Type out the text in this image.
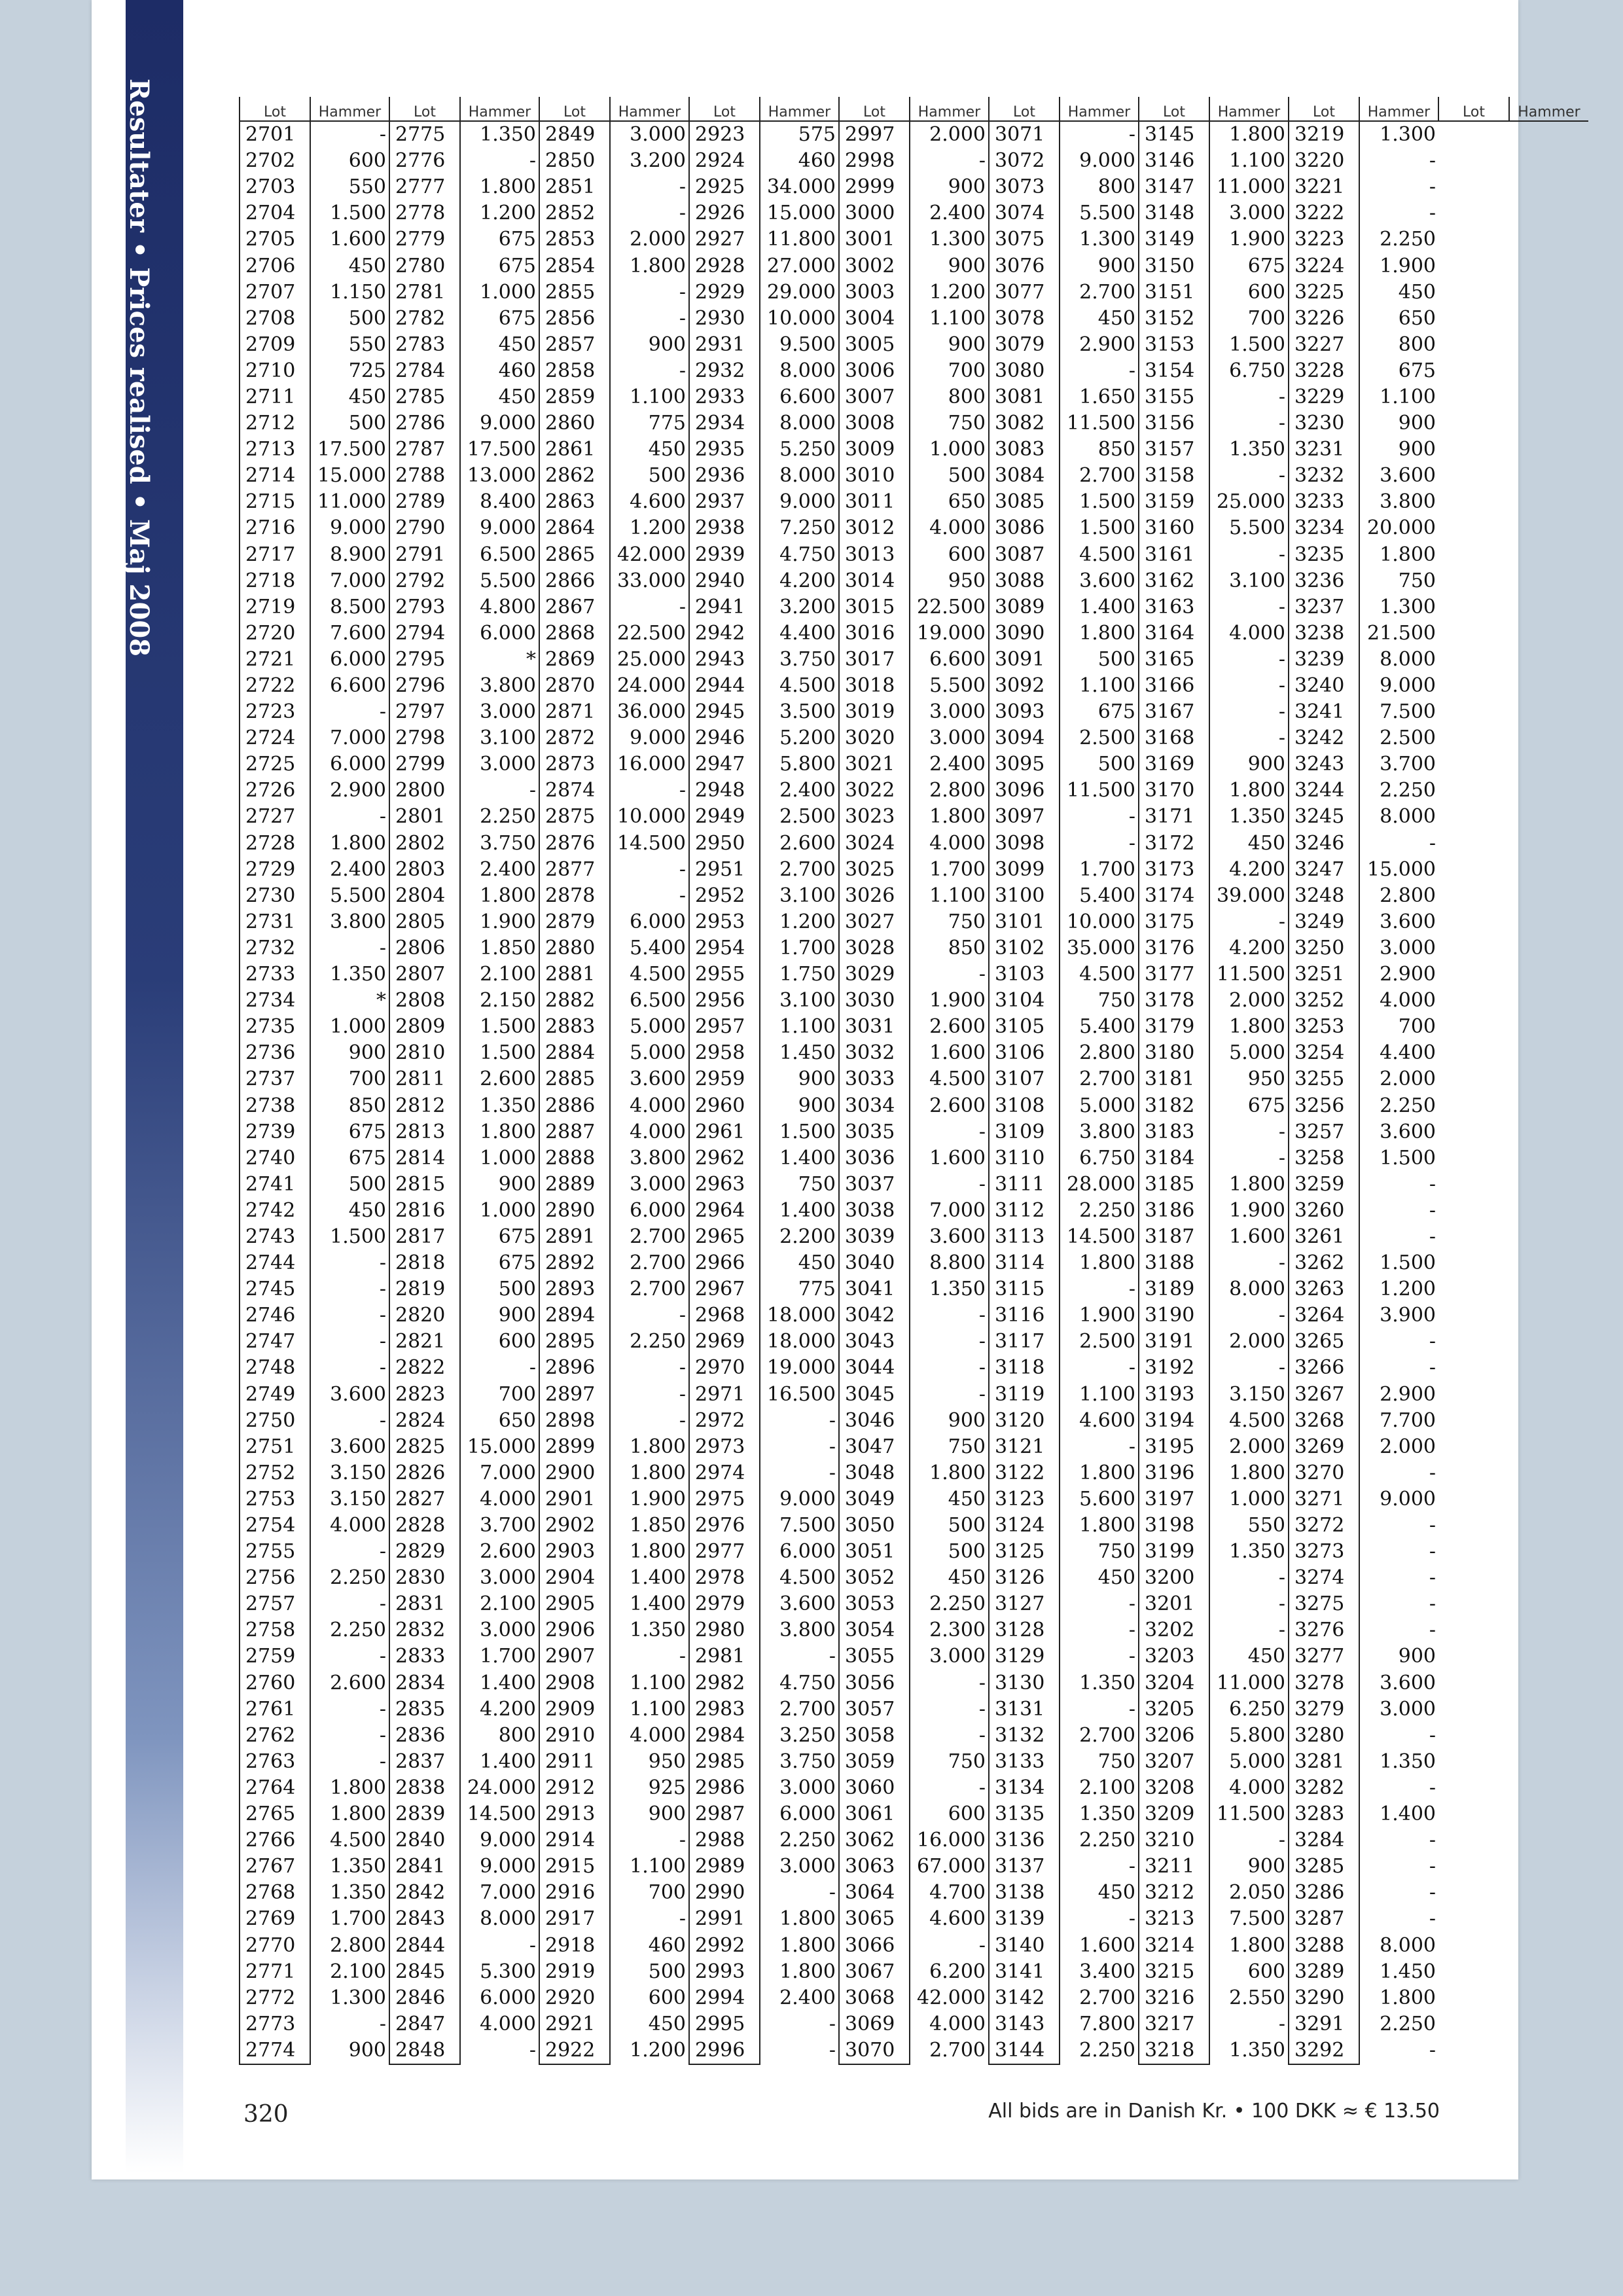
Resultater • Prices realised • Maj 2008	Lot	Hammer	Lot	Hammer	Lot	Hammer	Lot	Hammer	Lot	Hammer	Lot	Hammer	Lot	Hammer	Lot	Hammer	Lot	Hammer
2701	-	2775	1.350	2849	3.000	2923	575	2997	2.000	3071	-	3145	1.800	3219	1.300		
2702	600	2776	-	2850	3.200	2924	460	2998	-	3072	9.000	3146	1.100	3220	-		
2703	550	2777	1.800	2851	-	2925	34.000	2999	900	3073	800	3147	11.000	3221	-		
2704	1.500	2778	1.200	2852	-	2926	15.000	3000	2.400	3074	5.500	3148	3.000	3222	-		
2705	1.600	2779	675	2853	2.000	2927	11.800	3001	1.300	3075	1.300	3149	1.900	3223	2.250		
2706	450	2780	675	2854	1.800	2928	27.000	3002	900	3076	900	3150	675	3224	1.900		
2707	1.150	2781	1.000	2855	-	2929	29.000	3003	1.200	3077	2.700	3151	600	3225	450		
2708	500	2782	675	2856	-	2930	10.000	3004	1.100	3078	450	3152	700	3226	650		
2709	550	2783	450	2857	900	2931	9.500	3005	900	3079	2.900	3153	1.500	3227	800		
2710	725	2784	460	2858	-	2932	8.000	3006	700	3080	-	3154	6.750	3228	675		
2711	450	2785	450	2859	1.100	2933	6.600	3007	800	3081	1.650	3155	-	3229	1.100		
2712	500	2786	9.000	2860	775	2934	8.000	3008	750	3082	11.500	3156	-	3230	900		
2713	17.500	2787	17.500	2861	450	2935	5.250	3009	1.000	3083	850	3157	1.350	3231	900		
2714	15.000	2788	13.000	2862	500	2936	8.000	3010	500	3084	2.700	3158	-	3232	3.600		
2715	11.000	2789	8.400	2863	4.600	2937	9.000	3011	650	3085	1.500	3159	25.000	3233	3.800		
2716	9.000	2790	9.000	2864	1.200	2938	7.250	3012	4.000	3086	1.500	3160	5.500	3234	20.000		
2717	8.900	2791	6.500	2865	42.000	2939	4.750	3013	600	3087	4.500	3161	-	3235	1.800		
2718	7.000	2792	5.500	2866	33.000	2940	4.200	3014	950	3088	3.600	3162	3.100	3236	750		
2719	8.500	2793	4.800	2867	-	2941	3.200	3015	22.500	3089	1.400	3163	-	3237	1.300		
2720	7.600	2794	6.000	2868	22.500	2942	4.400	3016	19.000	3090	1.800	3164	4.000	3238	21.500		
2721	6.000	2795	*	2869	25.000	2943	3.750	3017	6.600	3091	500	3165	-	3239	8.000		
2722	6.600	2796	3.800	2870	24.000	2944	4.500	3018	5.500	3092	1.100	3166	-	3240	9.000		
2723	-	2797	3.000	2871	36.000	2945	3.500	3019	3.000	3093	675	3167	-	3241	7.500		
2724	7.000	2798	3.100	2872	9.000	2946	5.200	3020	3.000	3094	2.500	3168	-	3242	2.500		
2725	6.000	2799	3.000	2873	16.000	2947	5.800	3021	2.400	3095	500	3169	900	3243	3.700		
2726	2.900	2800	-	2874	-	2948	2.400	3022	2.800	3096	11.500	3170	1.800	3244	2.250		
2727	-	2801	2.250	2875	10.000	2949	2.500	3023	1.800	3097	-	3171	1.350	3245	8.000		
2728	1.800	2802	3.750	2876	14.500	2950	2.600	3024	4.000	3098	-	3172	450	3246	-		
2729	2.400	2803	2.400	2877	-	2951	2.700	3025	1.700	3099	1.700	3173	4.200	3247	15.000		
2730	5.500	2804	1.800	2878	-	2952	3.100	3026	1.100	3100	5.400	3174	39.000	3248	2.800		
2731	3.800	2805	1.900	2879	6.000	2953	1.200	3027	750	3101	10.000	3175	-	3249	3.600		
2732	-	2806	1.850	2880	5.400	2954	1.700	3028	850	3102	35.000	3176	4.200	3250	3.000		
2733	1.350	2807	2.100	2881	4.500	2955	1.750	3029	-	3103	4.500	3177	11.500	3251	2.900		
2734	*	2808	2.150	2882	6.500	2956	3.100	3030	1.900	3104	750	3178	2.000	3252	4.000		
2735	1.000	2809	1.500	2883	5.000	2957	1.100	3031	2.600	3105	5.400	3179	1.800	3253	700		
2736	900	2810	1.500	2884	5.000	2958	1.450	3032	1.600	3106	2.800	3180	5.000	3254	4.400		
2737	700	2811	2.600	2885	3.600	2959	900	3033	4.500	3107	2.700	3181	950	3255	2.000		
2738	850	2812	1.350	2886	4.000	2960	900	3034	2.600	3108	5.000	3182	675	3256	2.250		
2739	675	2813	1.800	2887	4.000	2961	1.500	3035	-	3109	3.800	3183	-	3257	3.600		
2740	675	2814	1.000	2888	3.800	2962	1.400	3036	1.600	3110	6.750	3184	-	3258	1.500		
2741	500	2815	900	2889	3.000	2963	750	3037	-	3111	28.000	3185	1.800	3259	-		
2742	450	2816	1.000	2890	6.000	2964	1.400	3038	7.000	3112	2.250	3186	1.900	3260	-		
2743	1.500	2817	675	2891	2.700	2965	2.200	3039	3.600	3113	14.500	3187	1.600	3261	-		
2744	-	2818	675	2892	2.700	2966	450	3040	8.800	3114	1.800	3188	-	3262	1.500		
2745	-	2819	500	2893	2.700	2967	775	3041	1.350	3115	-	3189	8.000	3263	1.200		
2746	-	2820	900	2894	-	2968	18.000	3042	-	3116	1.900	3190	-	3264	3.900		
2747	-	2821	600	2895	2.250	2969	18.000	3043	-	3117	2.500	3191	2.000	3265	-		
2748	-	2822	-	2896	-	2970	19.000	3044	-	3118	-	3192	-	3266	-		
2749	3.600	2823	700	2897	-	2971	16.500	3045	-	3119	1.100	3193	3.150	3267	2.900		
2750	-	2824	650	2898	-	2972	-	3046	900	3120	4.600	3194	4.500	3268	7.700		
2751	3.600	2825	15.000	2899	1.800	2973	-	3047	750	3121	-	3195	2.000	3269	2.000		
2752	3.150	2826	7.000	2900	1.800	2974	-	3048	1.800	3122	1.800	3196	1.800	3270	-		
2753	3.150	2827	4.000	2901	1.900	2975	9.000	3049	450	3123	5.600	3197	1.000	3271	9.000		
2754	4.000	2828	3.700	2902	1.850	2976	7.500	3050	500	3124	1.800	3198	550	3272	-		
2755	-	2829	2.600	2903	1.800	2977	6.000	3051	500	3125	750	3199	1.350	3273	-		
2756	2.250	2830	3.000	2904	1.400	2978	4.500	3052	450	3126	450	3200	-	3274	-		
2757	-	2831	2.100	2905	1.400	2979	3.600	3053	2.250	3127	-	3201	-	3275	-		
2758	2.250	2832	3.000	2906	1.350	2980	3.800	3054	2.300	3128	-	3202	-	3276	-		
2759	-	2833	1.700	2907	-	2981	-	3055	3.000	3129	-	3203	450	3277	900		
2760	2.600	2834	1.400	2908	1.100	2982	4.750	3056	-	3130	1.350	3204	11.000	3278	3.600		
2761	-	2835	4.200	2909	1.100	2983	2.700	3057	-	3131	-	3205	6.250	3279	3.000		
2762	-	2836	800	2910	4.000	2984	3.250	3058	-	3132	2.700	3206	5.800	3280	-		
2763	-	2837	1.400	2911	950	2985	3.750	3059	750	3133	750	3207	5.000	3281	1.350		
2764	1.800	2838	24.000	2912	925	2986	3.000	3060	-	3134	2.100	3208	4.000	3282	-		
2765	1.800	2839	14.500	2913	900	2987	6.000	3061	600	3135	1.350	3209	11.500	3283	1.400		
2766	4.500	2840	9.000	2914	-	2988	2.250	3062	16.000	3136	2.250	3210	-	3284	-		
2767	1.350	2841	9.000	2915	1.100	2989	3.000	3063	67.000	3137	-	3211	900	3285	-		
2768	1.350	2842	7.000	2916	700	2990	-	3064	4.700	3138	450	3212	2.050	3286	-		
2769	1.700	2843	8.000	2917	-	2991	1.800	3065	4.600	3139	-	3213	7.500	3287	-		
2770	2.800	2844	-	2918	460	2992	1.800	3066	-	3140	1.600	3214	1.800	3288	8.000		
2771	2.100	2845	5.300	2919	500	2993	1.800	3067	6.200	3141	3.400	3215	600	3289	1.450		
2772	1.300	2846	6.000	2920	600	2994	2.400	3068	42.000	3142	2.700	3216	2.550	3290	1.800		
2773	-	2847	4.000	2921	450	2995	-	3069	4.000	3143	7.800	3217	-	3291	2.250		
2774	900	2848	-	2922	1.200	2996	-	3070	2.700	3144	2.250	3218	1.350	3292	-		
320	All bids are in Danish Kr. • 100 DKK ≈ € 13.50
